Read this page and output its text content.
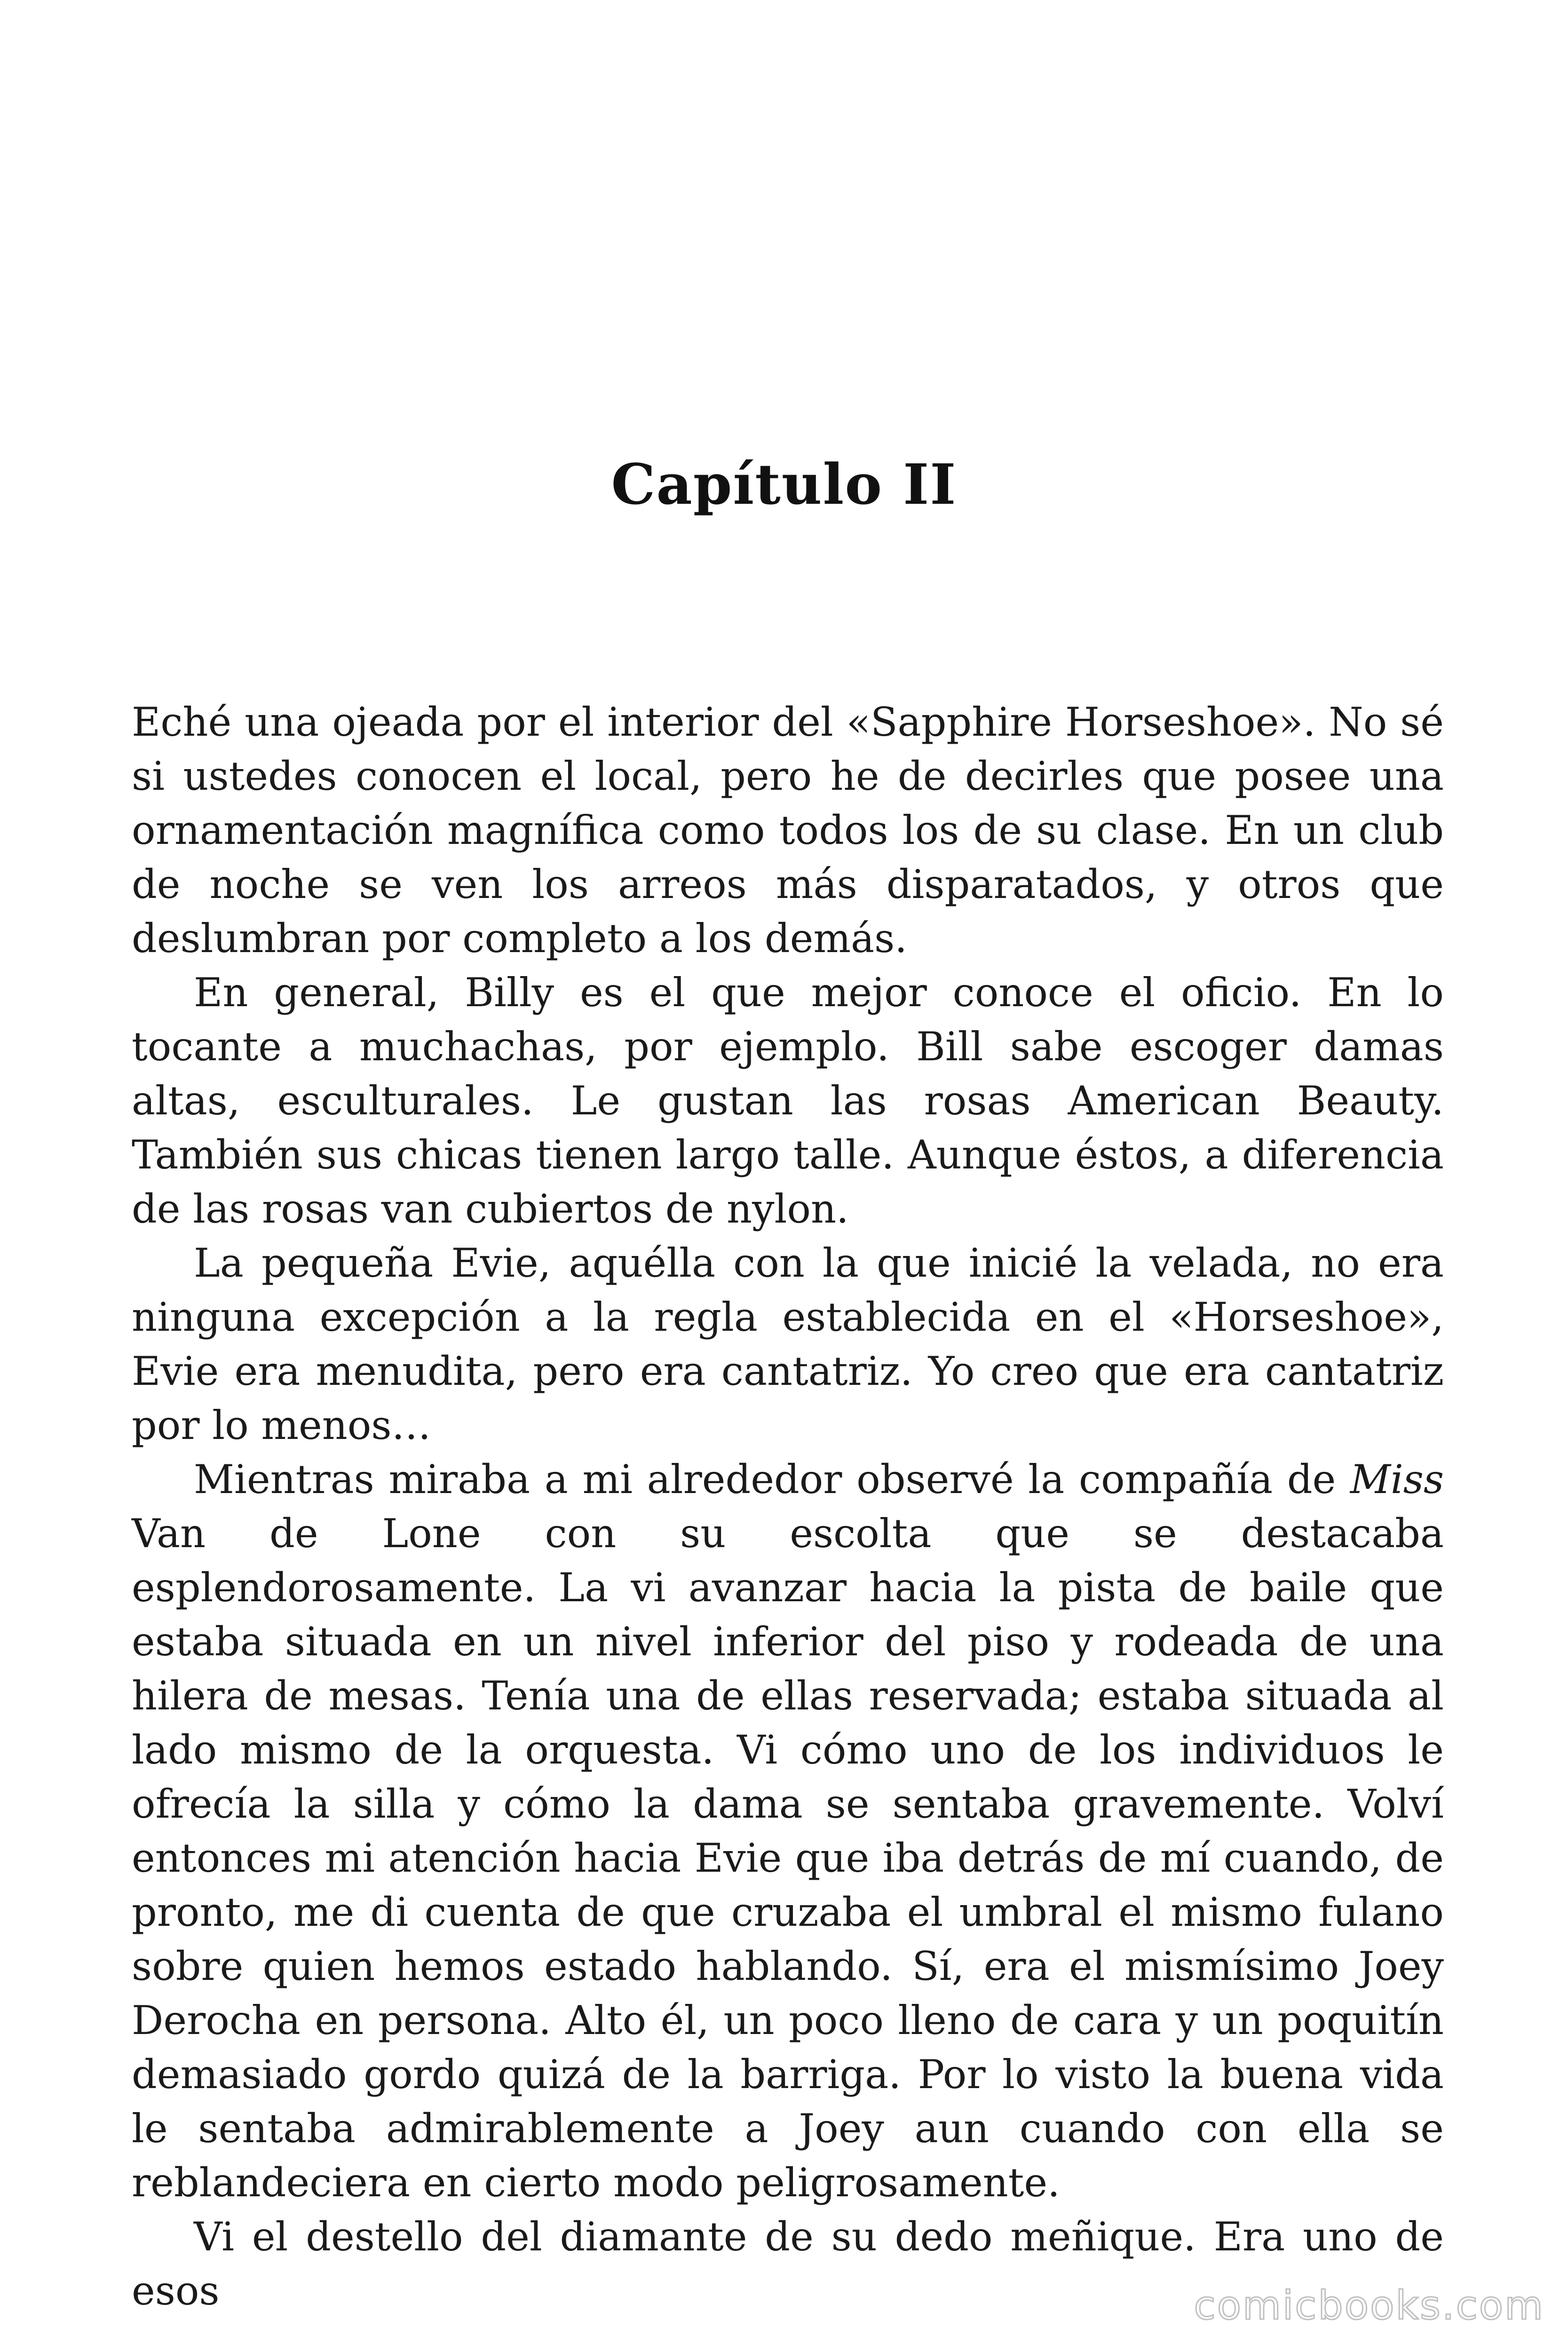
Capítulo II

Eché una ojeada por el interior del «Sapphire Horseshoe». No sé si ustedes conocen el local, pero he de decirles que posee una ornamentación magnífica como todos los de su clase. En un club de noche se ven los arreos más disparatados, y otros que deslumbran por completo a los demás.

En general, Billy es el que mejor conoce el oficio. En lo tocante a muchachas, por ejemplo. Bill sabe escoger damas altas, esculturales. Le gustan las rosas American Beauty. También sus chicas tienen largo talle. Aunque éstos, a diferencia de las rosas van cubiertos de nylon.

La pequeña Evie, aquélla con la que inicié la velada, no era ninguna excepción a la regla establecida en el «Horseshoe», Evie era menudita, pero era cantatriz. Yo creo que era cantatriz por lo menos…

Mientras miraba a mi alrededor observé la compañía de Miss Van de Lone con su escolta que se destacaba esplendorosamente. La vi avanzar hacia la pista de baile que estaba situada en un nivel inferior del piso y rodeada de una hilera de mesas. Tenía una de ellas reservada; estaba situada al lado mismo de la orquesta. Vi cómo uno de los individuos le ofrecía la silla y cómo la dama se sentaba gravemente. Volví entonces mi atención hacia Evie que iba detrás de mí cuando, de pronto, me di cuenta de que cruzaba el umbral el mismo fulano sobre quien hemos estado hablando. Sí, era el mismísimo Joey Derocha en persona. Alto él, un poco lleno de cara y un poquitín demasiado gordo quizá de la barriga. Por lo visto la buena vida le sentaba admirablemente a Joey aun cuando con ella se reblandeciera en cierto modo peligrosamente.

Vi el destello del diamante de su dedo meñique. Era uno de esos	comicbooks.com
